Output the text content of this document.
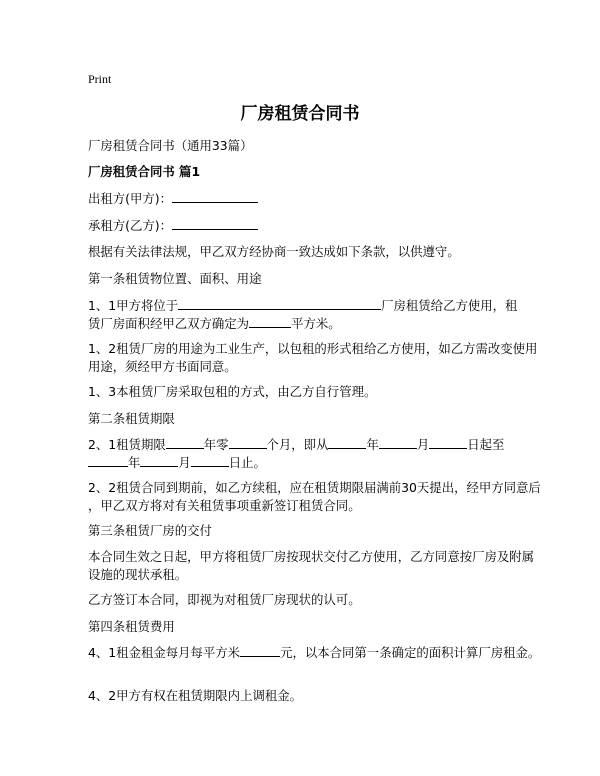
Print
厂房租赁合同书
厂房租赁合同书（通用33篇）
厂房租赁合同书 篇1
出租方(甲方)：
承租方(乙方)：
根据有关法律法规，甲乙双方经协商一致达成如下条款，以供遵守。
第一条租赁物位置、面积、用途
1、1甲方将位于	厂房租赁给乙方使用，租
赁厂房面积经甲乙双方确定为	平方米。
1、2租赁厂房的用途为工业生产，以包租的形式租给乙方使用，如乙方需改变使用
用途，须经甲方书面同意。
1、3本租赁厂房采取包租的方式，由乙方自行管理。
第二条租赁期限
2、1租赁期限	年零	个月，即从	年	月	日起至
年	月	日止。
2、2租赁合同到期前，如乙方续租，应在租赁期限届满前30天提出，经甲方同意后
，甲乙双方将对有关租赁事项重新签订租赁合同。
第三条租赁厂房的交付
本合同生效之日起，甲方将租赁厂房按现状交付乙方使用，乙方同意按厂房及附属
设施的现状承租。
乙方签订本合同，即视为对租赁厂房现状的认可。
第四条租赁费用
4、1租金租金每月每平方米	元，以本合同第一条确定的面积计算厂房租金。
4、2甲方有权在租赁期限内上调租金。
